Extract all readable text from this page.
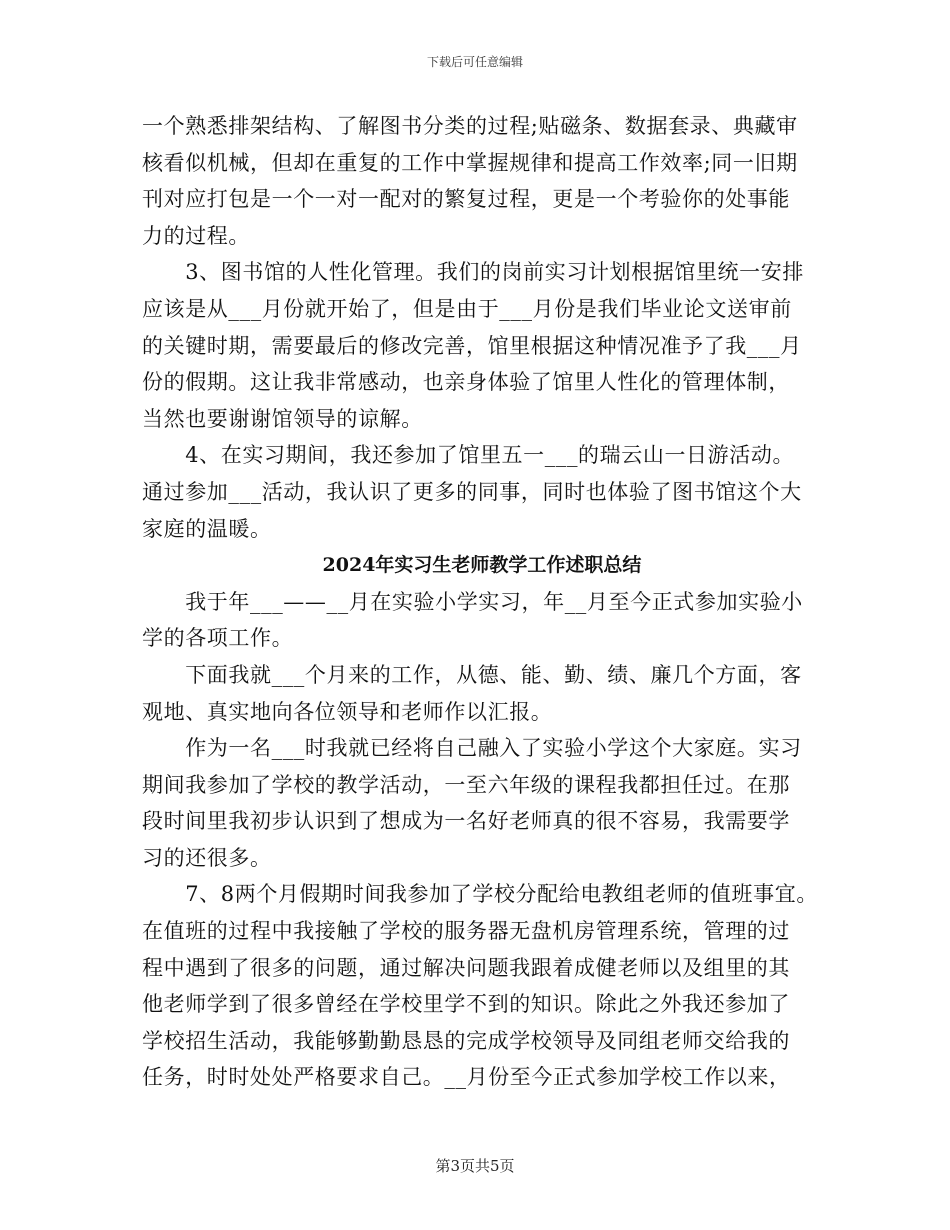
下载后可任意编辑

一个熟悉排架结构、了解图书分类的过程;贴磁条、数据套录、典藏审
核看似机械，但却在重复的工作中掌握规律和提高工作效率;同一旧期
刊对应打包是一个一对一配对的繁复过程，更是一个考验你的处事能
力的过程。

　　3、图书馆的人性化管理。我们的岗前实习计划根据馆里统一安排
应该是从___月份就开始了，但是由于___月份是我们毕业论文送审前
的关键时期，需要最后的修改完善，馆里根据这种情况准予了我___月
份的假期。这让我非常感动，也亲身体验了馆里人性化的管理体制，
当然也要谢谢馆领导的谅解。

　　4、在实习期间，我还参加了馆里五一___的瑞云山一日游活动。
通过参加___活动，我认识了更多的同事，同时也体验了图书馆这个大
家庭的温暖。

2024年实习生老师教学工作述职总结

　　我于年___——__月在实验小学实习，年__月至今正式参加实验小
学的各项工作。

　　下面我就___个月来的工作，从德、能、勤、绩、廉几个方面，客
观地、真实地向各位领导和老师作以汇报。

　　作为一名___时我就已经将自己融入了实验小学这个大家庭。实习
期间我参加了学校的教学活动，一至六年级的课程我都担任过。在那
段时间里我初步认识到了想成为一名好老师真的很不容易，我需要学
习的还很多。

　　7、8两个月假期时间我参加了学校分配给电教组老师的值班事宜。
在值班的过程中我接触了学校的服务器无盘机房管理系统，管理的过
程中遇到了很多的问题，通过解决问题我跟着成健老师以及组里的其
他老师学到了很多曾经在学校里学不到的知识。除此之外我还参加了
学校招生活动，我能够勤勤恳恳的完成学校领导及同组老师交给我的
任务，时时处处严格要求自己。__月份至今正式参加学校工作以来，

第3页共5页
